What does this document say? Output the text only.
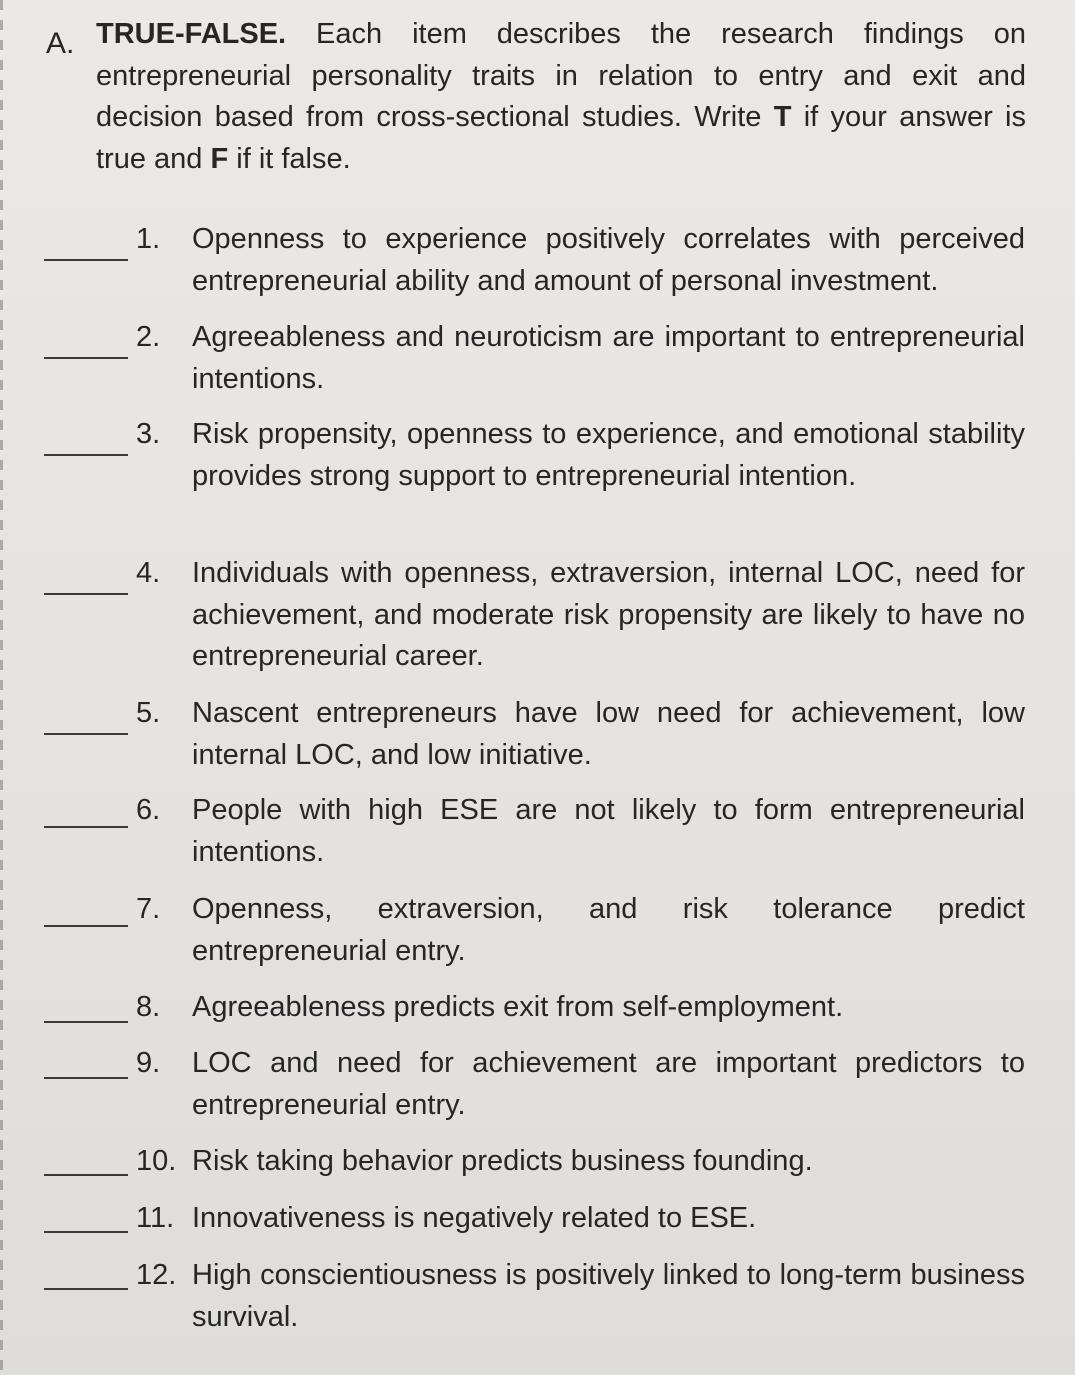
A. TRUE-FALSE. Each item describes the research findings on entrepreneurial personality traits in relation to entry and exit and decision based from cross-sectional studies. Write T if your answer is true and F if it false.

1. Openness to experience positively correlates with perceived entrepreneurial ability and amount of personal investment.

2. Agreeableness and neuroticism are important to entrepreneurial intentions.

3. Risk propensity, openness to experience, and emotional stability provides strong support to entrepreneurial intention.

4. Individuals with openness, extraversion, internal LOC, need for achievement, and moderate risk propensity are likely to have no entrepreneurial career.

5. Nascent entrepreneurs have low need for achievement, low internal LOC, and low initiative.

6. People with high ESE are not likely to form entrepreneurial intentions.

7. Openness, extraversion, and risk tolerance predict entrepreneurial entry.

8. Agreeableness predicts exit from self-employment.

9. LOC and need for achievement are important predictors to entrepreneurial entry.

10. Risk taking behavior predicts business founding.

11. Innovativeness is negatively related to ESE.

12. High conscientiousness is positively linked to long-term business survival.
